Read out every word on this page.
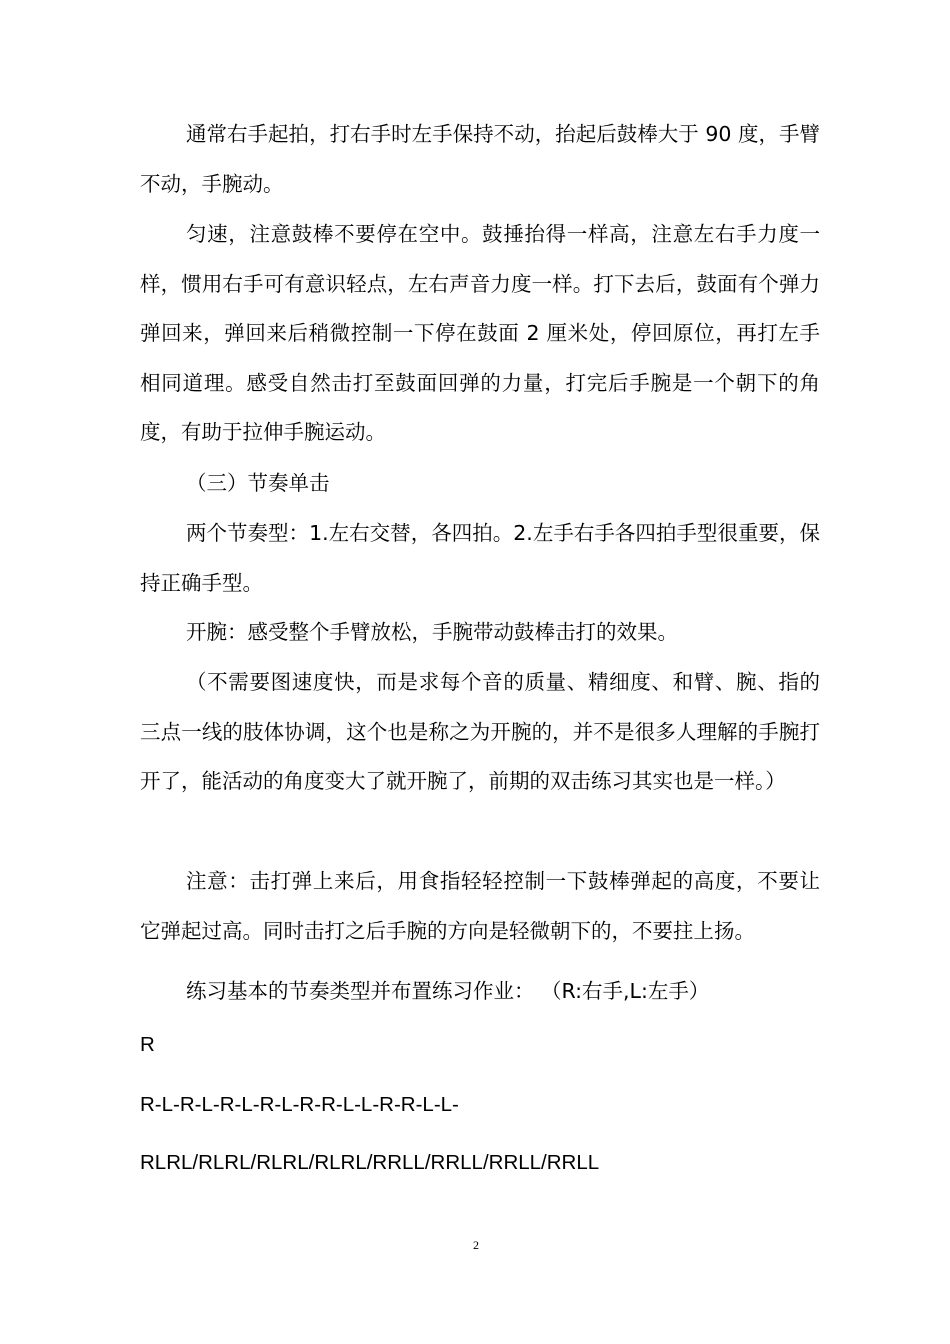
通常右手起拍，打右手时左手保持不动，抬起后鼓棒大于 90 度，手臂不动，手腕动。

匀速，注意鼓棒不要停在空中。鼓捶抬得一样高，注意左右手力度一样，惯用右手可有意识轻点，左右声音力度一样。打下去后，鼓面有个弹力弹回来，弹回来后稍微控制一下停在鼓面 2 厘米处，停回原位，再打左手相同道理。感受自然击打至鼓面回弹的力量，打完后手腕是一个朝下的角度，有助于拉伸手腕运动。

（三）节奏单击

两个节奏型：1.左右交替，各四拍。2.左手右手各四拍手型很重要，保持正确手型。

开腕：感受整个手臂放松，手腕带动鼓棒击打的效果。

（不需要图速度快，而是求每个音的质量、精细度、和臂、腕、指的三点一线的肢体协调，这个也是称之为开腕的，并不是很多人理解的手腕打开了，能活动的角度变大了就开腕了，前期的双击练习其实也是一样。）

注意：击打弹上来后，用食指轻轻控制一下鼓棒弹起的高度，不要让它弹起过高。同时击打之后手腕的方向是轻微朝下的，不要拄上扬。

练习基本的节奏类型并布置练习作业： （R:右手,L:左手）

R

R-L-R-L-R-L-R-L-R-R-L-L-R-R-L-L-

RLRL/RLRL/RLRL/RLRL/RRLL/RRLL/RRLL/RRLL

2
